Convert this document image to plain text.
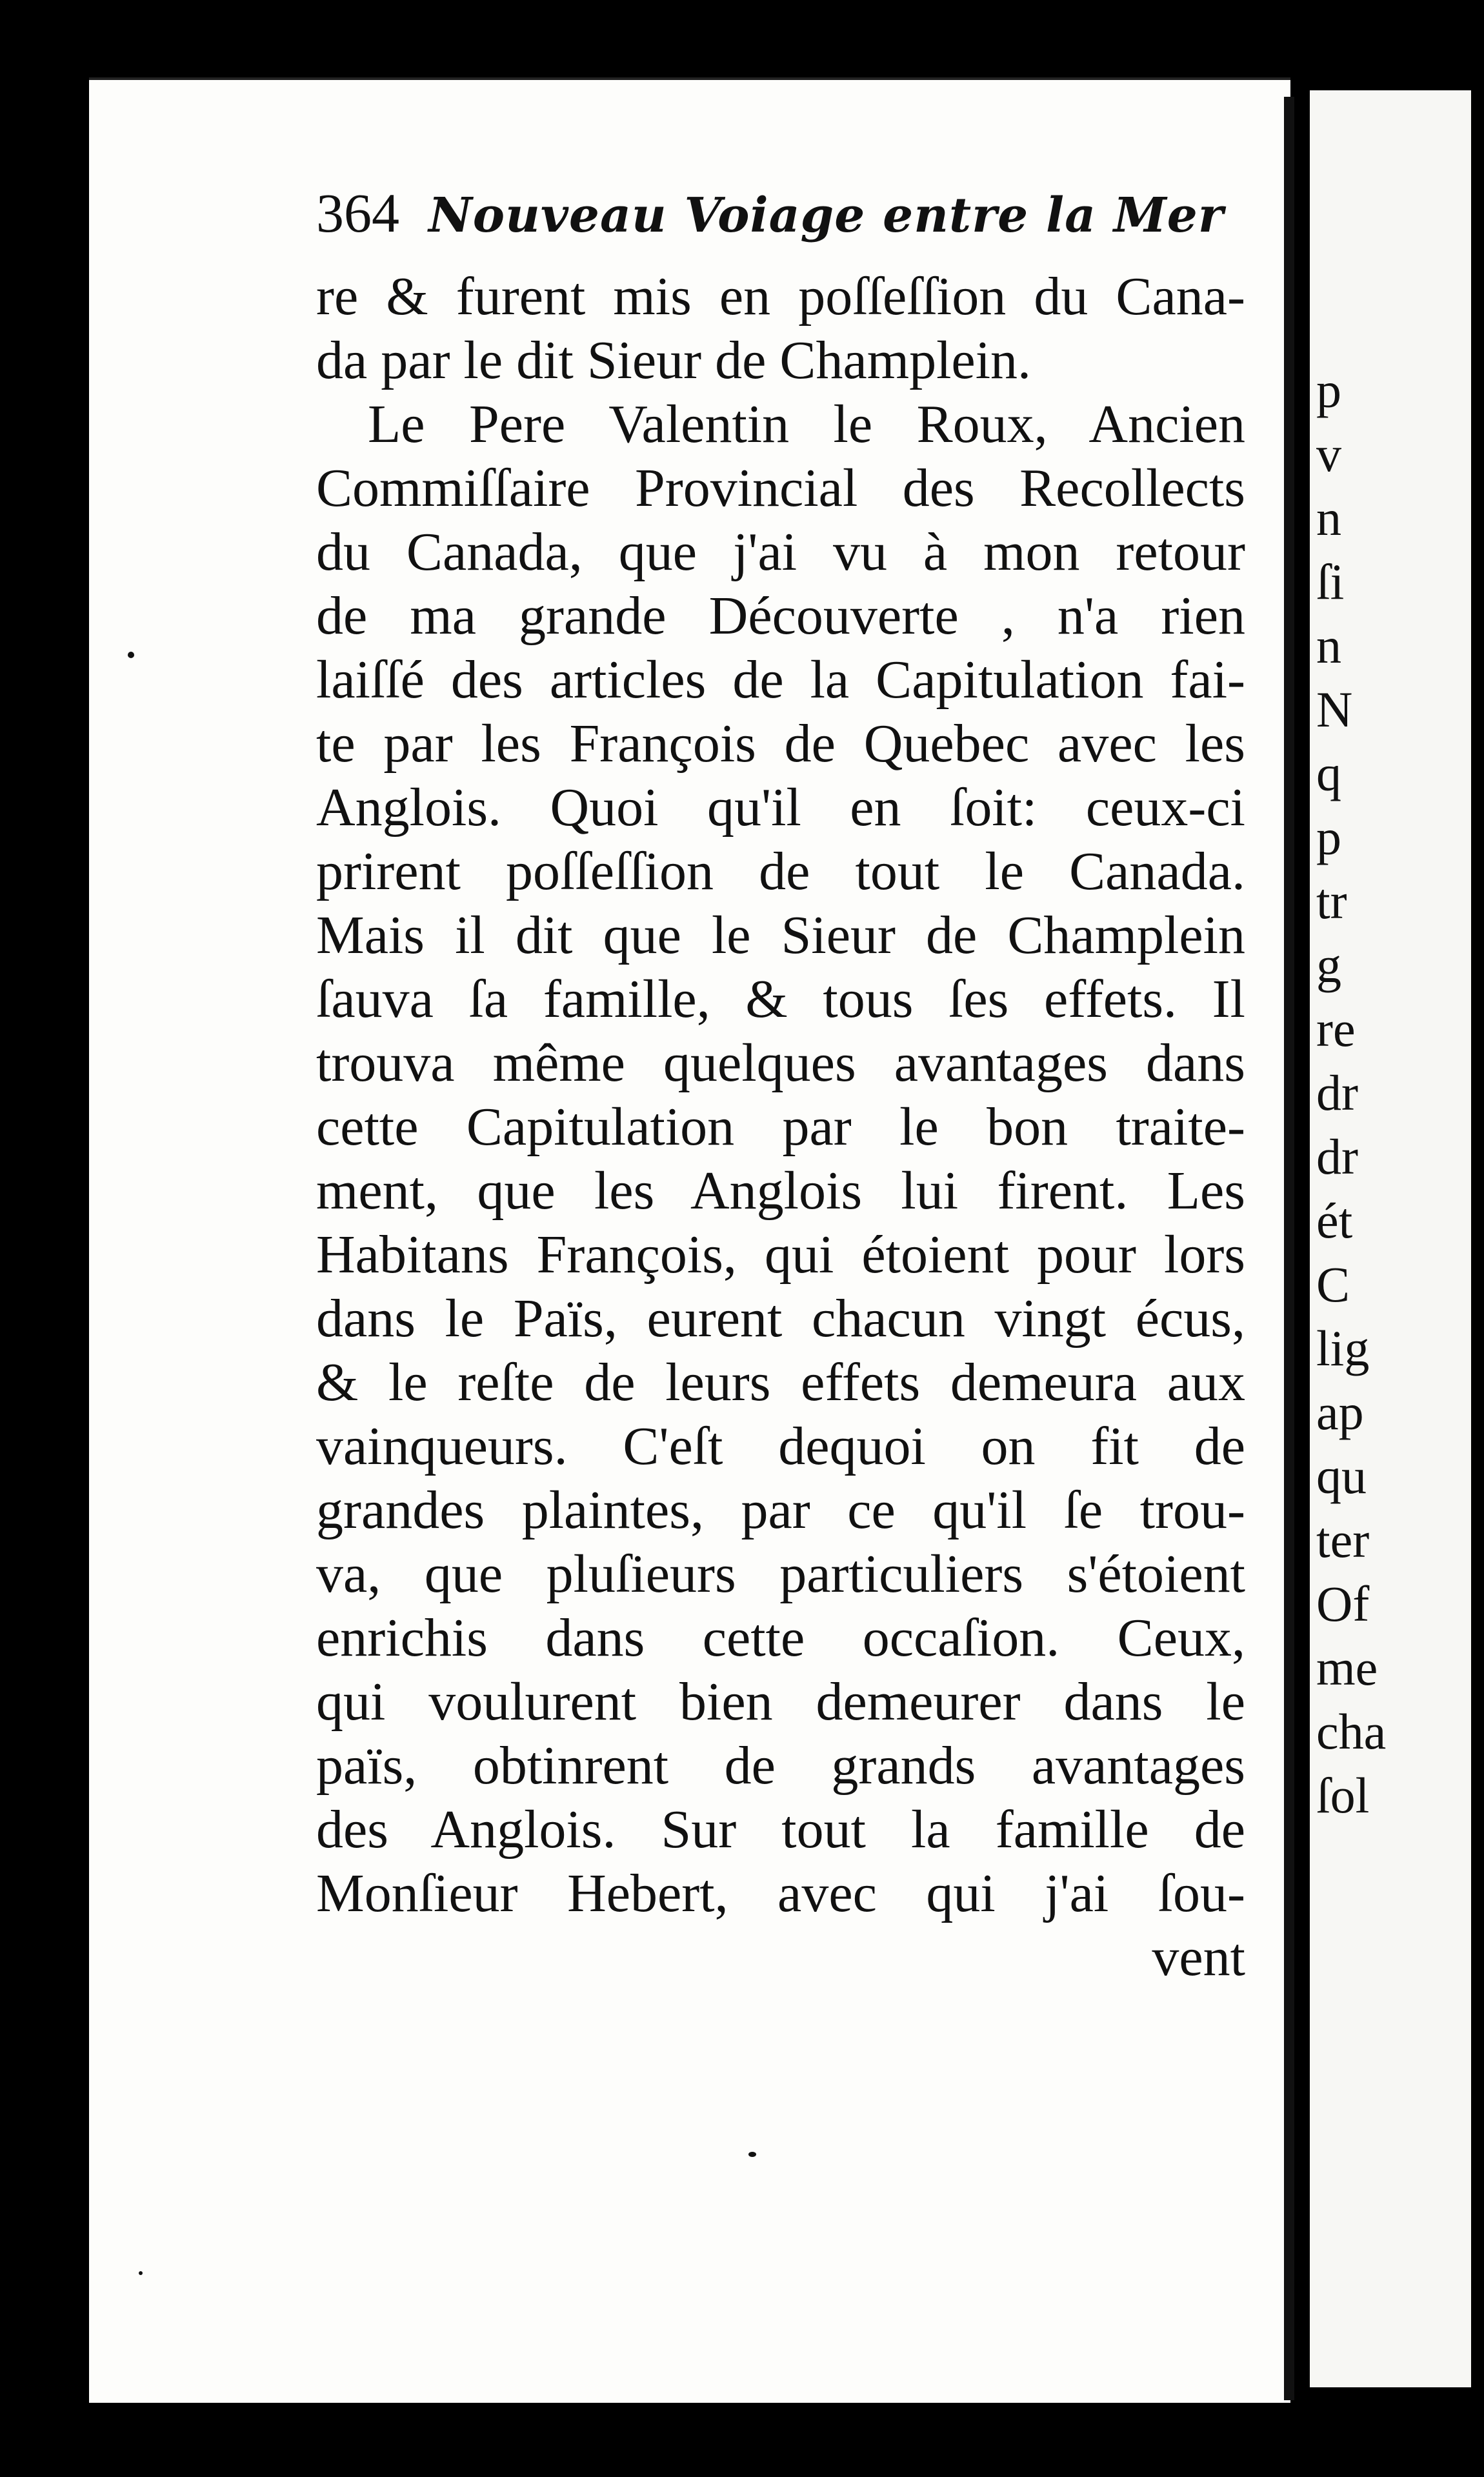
p
v
n
ſi
n
N
q
p
tr
g
re
dr
dr
ét
C
lig
ap
qu
ter
Of
me
cha
ſol
364 Nouveau Voiage entre la Mer
re & furent mis en poſſeſſion du Cana-
da par le dit Sieur de Champlein.
Le Pere Valentin le Roux, Ancien
Commiſſaire Provincial des Recollects
du Canada, que j'ai vu à mon retour
de ma grande Découverte , n'a rien
laiſſé des articles de la Capitulation fai-
te par les François de Quebec avec les
Anglois. Quoi qu'il en ſoit: ceux-ci
prirent poſſeſſion de tout le Canada.
Mais il dit que le Sieur de Champlein
ſauva ſa famille, & tous ſes effets. Il
trouva même quelques avantages dans
cette Capitulation par le bon traite-
ment, que les Anglois lui firent. Les
Habitans François, qui étoient pour lors
dans le Païs, eurent chacun vingt écus,
& le reſte de leurs effets demeura aux
vainqueurs. C'eſt dequoi on fit de
grandes plaintes, par ce qu'il ſe trou-
va, que pluſieurs particuliers s'étoient
enrichis dans cette occaſion. Ceux,
qui voulurent bien demeurer dans le
païs, obtinrent de grands avantages
des Anglois. Sur tout la famille de
Monſieur Hebert, avec qui j'ai ſou-
vent
